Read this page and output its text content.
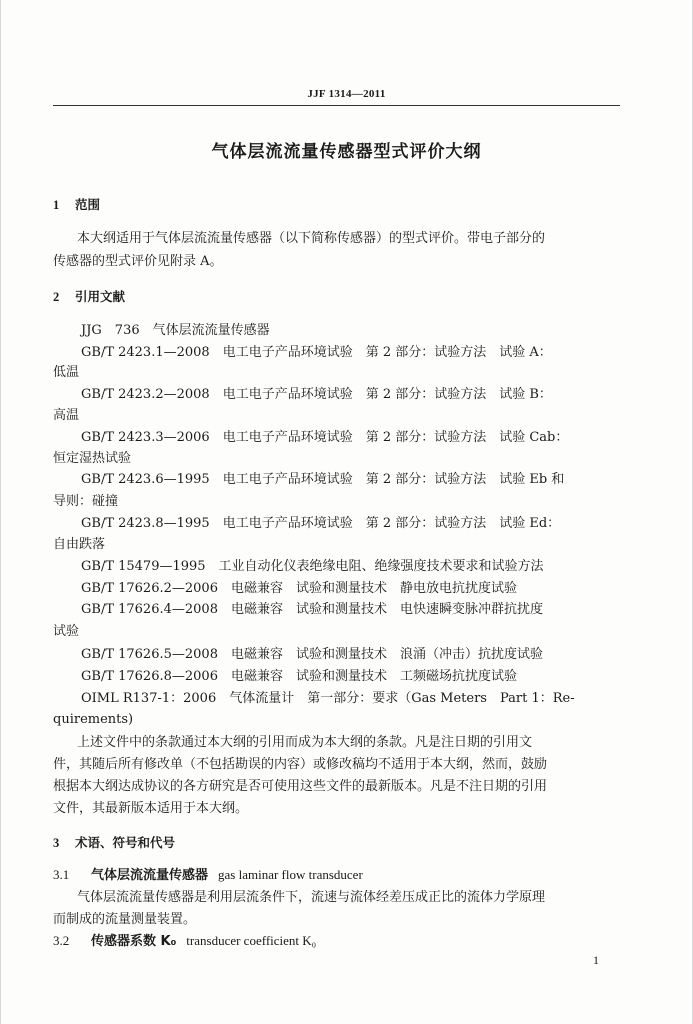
JJF 1314—2011
气体层流流量传感器型式评价大纲
1 范围
本大纲适用于气体层流流量传感器（以下简称传感器）的型式评价。带电子部分的
传感器的型式评价见附录 A。
2 引用文献
JJG　736　气体层流流量传感器
GB/T 2423.1—2008　电工电子产品环境试验　第 2 部分：试验方法　试验 A：
低温
GB/T 2423.2—2008　电工电子产品环境试验　第 2 部分：试验方法　试验 B：
高温
GB/T 2423.3—2006　电工电子产品环境试验　第 2 部分：试验方法　试验 Cab：
恒定湿热试验
GB/T 2423.6—1995　电工电子产品环境试验　第 2 部分：试验方法　试验 Eb 和
导则：碰撞
GB/T 2423.8—1995　电工电子产品环境试验　第 2 部分：试验方法　试验 Ed：
自由跌落
GB/T 15479—1995　工业自动化仪表绝缘电阻、绝缘强度技术要求和试验方法
GB/T 17626.2—2006　电磁兼容　试验和测量技术　静电放电抗扰度试验
GB/T 17626.4—2008　电磁兼容　试验和测量技术　电快速瞬变脉冲群抗扰度
试验
GB/T 17626.5—2008　电磁兼容　试验和测量技术　浪涌（冲击）抗扰度试验
GB/T 17626.8—2006　电磁兼容　试验和测量技术　工频磁场抗扰度试验
OIML R137-1：2006　气体流量计　第一部分：要求（Gas Meters　Part 1：Re-
quirements)
上述文件中的条款通过本大纲的引用而成为本大纲的条款。凡是注日期的引用文
件，其随后所有修改单（不包括勘误的内容）或修改稿均不适用于本大纲，然而，鼓励
根据本大纲达成协议的各方研究是否可使用这些文件的最新版本。凡是不注日期的引用
文件，其最新版本适用于本大纲。
3 术语、符号和代号
3.1 气体层流流量传感器 gas laminar flow transducer
气体层流流量传感器是利用层流条件下，流速与流体经差压成正比的流体力学原理
而制成的流量测量装置。
3.2 传感器系数 K₀ transducer coefficient K₀
1
